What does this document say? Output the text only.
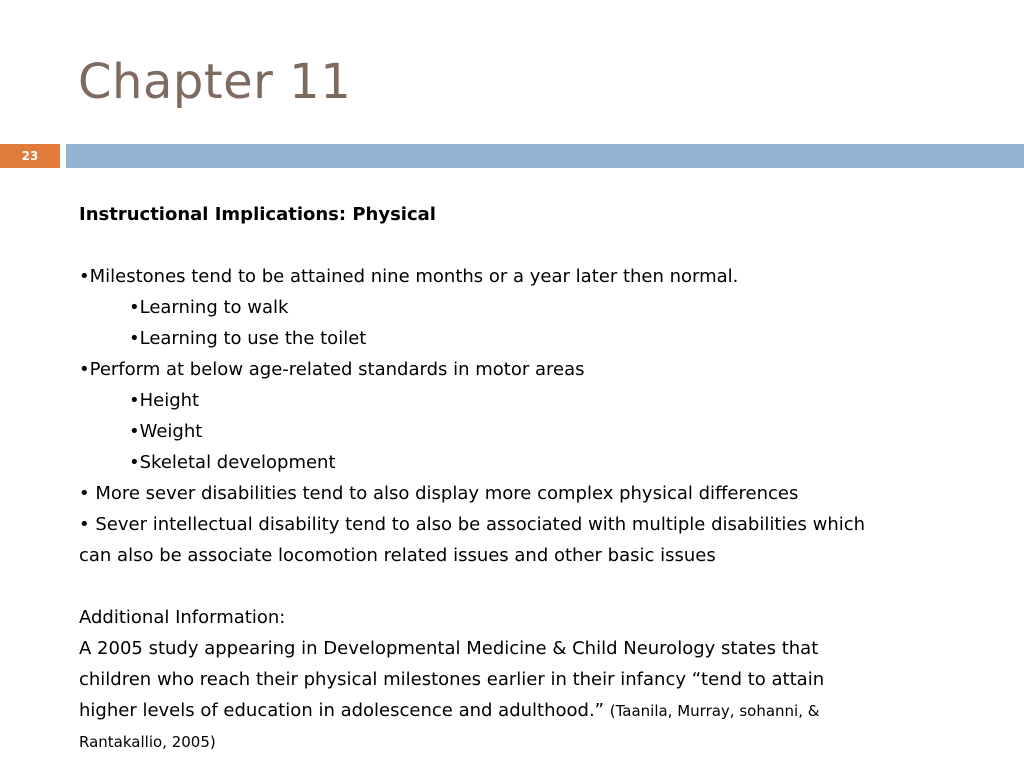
Chapter 11
23
Instructional Implications: Physical
•Milestones tend to be attained nine months or a year later then normal.
•Learning to walk
•Learning to use the toilet
•Perform at below age-related standards in motor areas
•Height
•Weight
•Skeletal development
• More sever disabilities tend to also display more complex physical differences
• Sever intellectual disability tend to also be associated with multiple disabilities which
can also be associate locomotion related issues and other basic issues
Additional Information:
A 2005 study appearing in Developmental Medicine & Child Neurology states that
children who reach their physical milestones earlier in their infancy “tend to attain
higher levels of education in adolescence and adulthood.” (Taanila, Murray, sohanni, &
Rantakallio, 2005)
